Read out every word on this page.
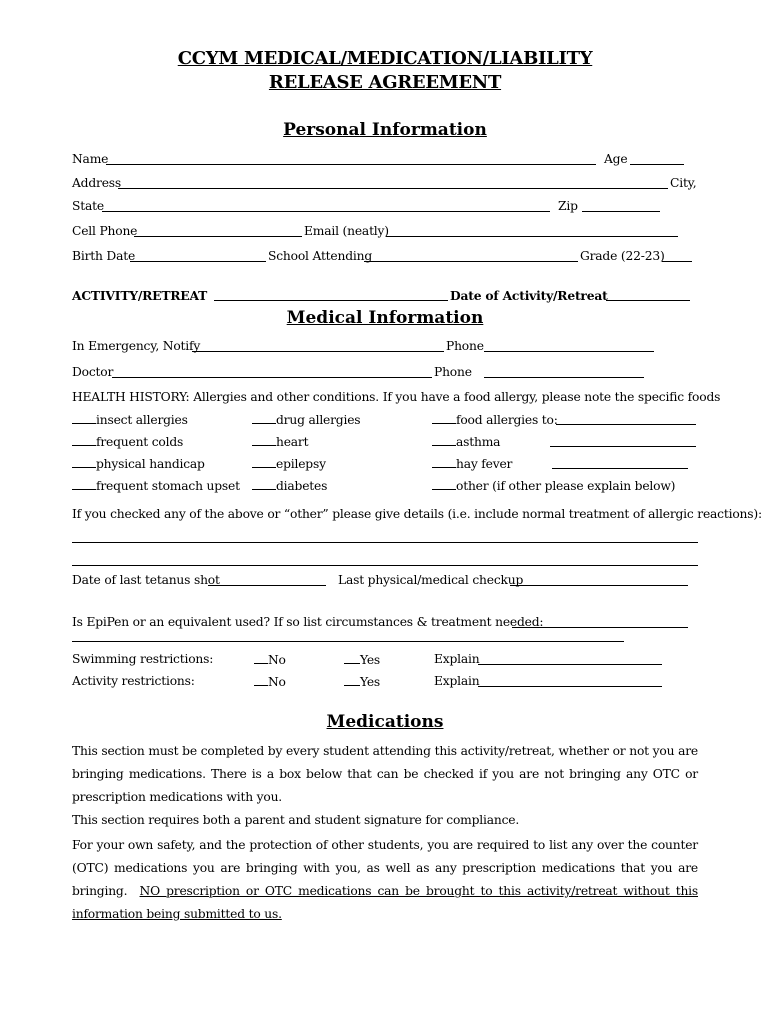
CCYM MEDICAL/MEDICATION/LIABILITY
RELEASE AGREEMENT
Personal Information
Name	Age
Address	City,
State	Zip
Cell Phone	Email (neatly)
Birth Date	School Attending	Grade (22-23)
ACTIVITY/RETREAT	Date of Activity/Retreat
Medical Information
In Emergency, Notify	Phone
Doctor	Phone
HEALTH HISTORY: Allergies and other conditions. If you have a food allergy, please note the specific foods
insect allergies	drug allergies	food allergies to:
frequent colds	heart	asthma
physical handicap	epilepsy	hay fever
frequent stomach upset	diabetes	other (if other please explain below)
If you checked any of the above or “other” please give details (i.e. include normal treatment of allergic reactions):
Date of last tetanus shot	Last physical/medical checkup
Is EpiPen or an equivalent used? If so list circumstances & treatment needed:
Swimming restrictions:	No	Yes	Explain
Activity restrictions:	No	Yes	Explain
Medications
This section must be completed by every student attending this activity/retreat, whether or not you are bringing medications. There is a box below that can be checked if you are not bringing any OTC or prescription medications with you.
This section requires both a parent and student signature for compliance.
For your own safety, and the protection of other students, you are required to list any over the counter (OTC) medications you are bringing with you, as well as any prescription medications that you are bringing. NO prescription or OTC medications can be brought to this activity/retreat without this information being submitted to us.
